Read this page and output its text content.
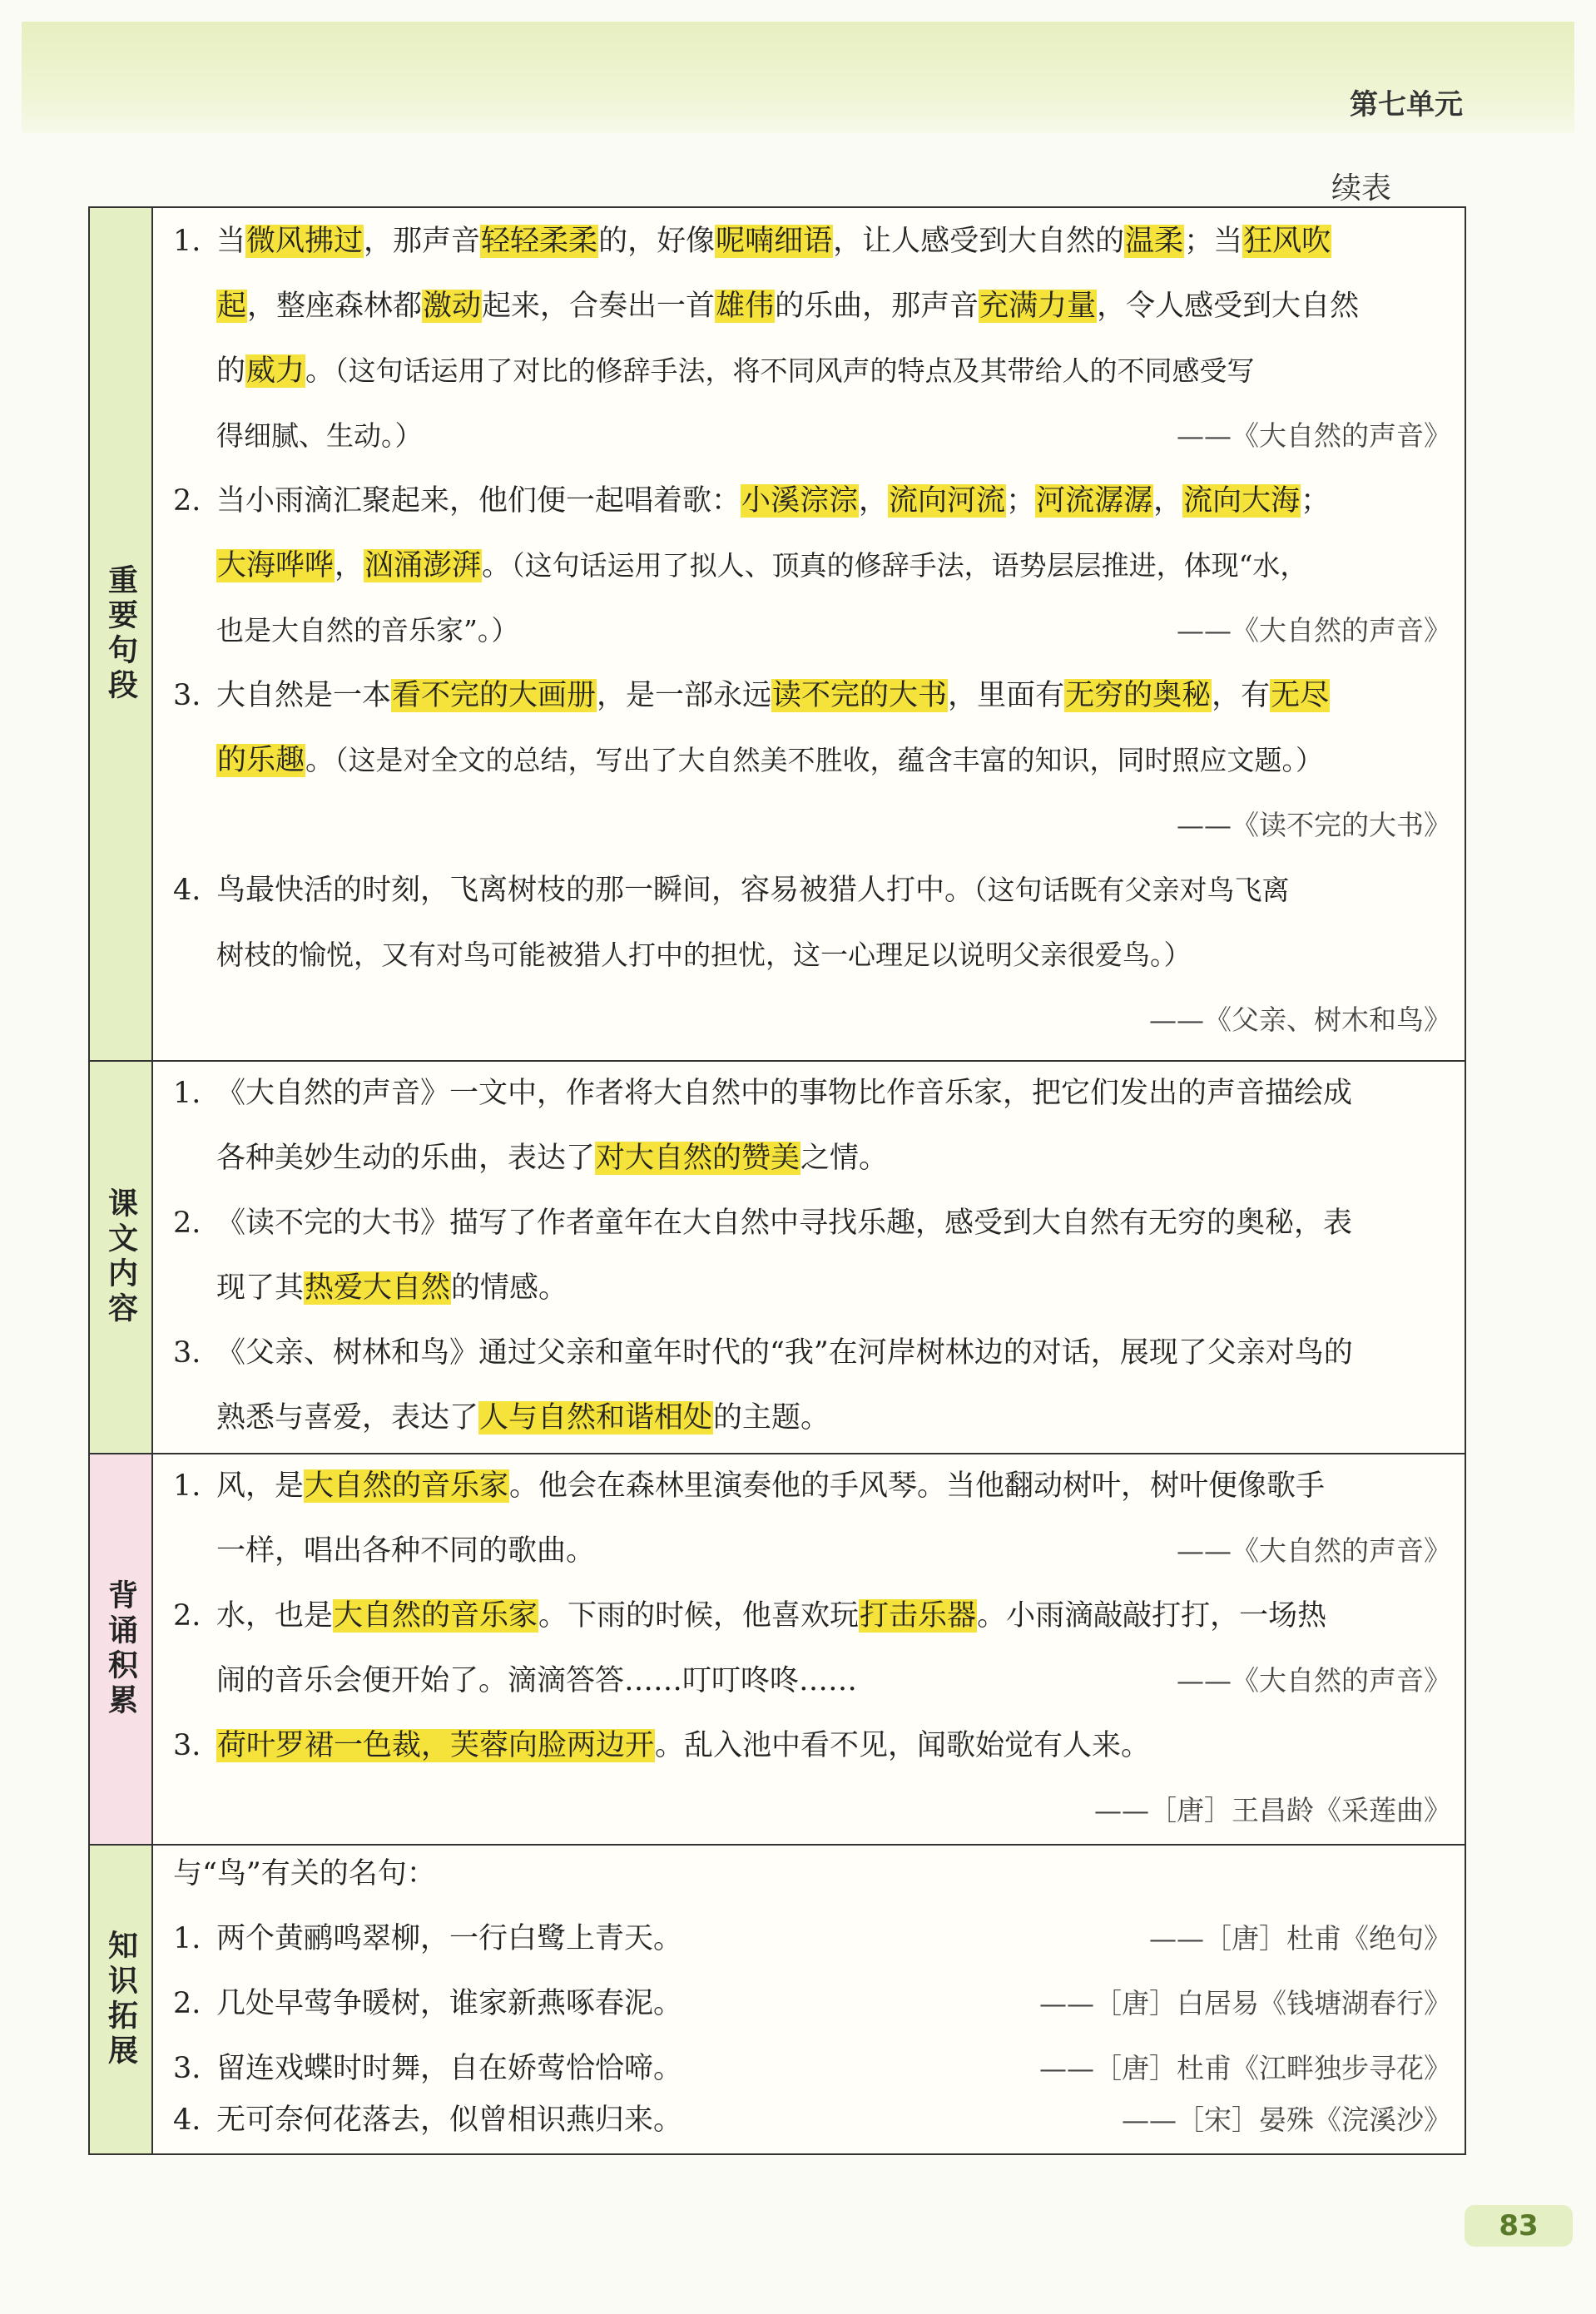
第七单元
续表
重要句段
1. 当微风拂过，那声音轻轻柔柔的，好像呢喃细语，让人感受到大自然的温柔；当狂风吹
起，整座森林都激动起来，合奏出一首雄伟的乐曲，那声音充满力量，令人感受到大自然
的威力。（这句话运用了对比的修辞手法，将不同风声的特点及其带给人的不同感受写
得细腻、生动。）	——《大自然的声音》
2. 当小雨滴汇聚起来，他们便一起唱着歌：小溪淙淙，流向河流；河流潺潺，流向大海；
大海哗哗，汹涌澎湃。（这句话运用了拟人、顶真的修辞手法，语势层层推进，体现“水，
也是大自然的音乐家”。）	——《大自然的声音》
3. 大自然是一本看不完的大画册，是一部永远读不完的大书，里面有无穷的奥秘，有无尽
的乐趣。（这是对全文的总结，写出了大自然美不胜收，蕴含丰富的知识，同时照应文题。）
——《读不完的大书》
4. 鸟最快活的时刻，飞离树枝的那一瞬间，容易被猎人打中。（这句话既有父亲对鸟飞离
树枝的愉悦，又有对鸟可能被猎人打中的担忧，这一心理足以说明父亲很爱鸟。）
——《父亲、树木和鸟》
课文内容
1. 《大自然的声音》一文中，作者将大自然中的事物比作音乐家，把它们发出的声音描绘成
各种美妙生动的乐曲，表达了对大自然的赞美之情。
2. 《读不完的大书》描写了作者童年在大自然中寻找乐趣，感受到大自然有无穷的奥秘，表
现了其热爱大自然的情感。
3. 《父亲、树林和鸟》通过父亲和童年时代的“我”在河岸树林边的对话，展现了父亲对鸟的
熟悉与喜爱，表达了人与自然和谐相处的主题。
背诵积累
1. 风，是大自然的音乐家。他会在森林里演奏他的手风琴。当他翻动树叶，树叶便像歌手
一样，唱出各种不同的歌曲。	——《大自然的声音》
2. 水，也是大自然的音乐家。下雨的时候，他喜欢玩打击乐器。小雨滴敲敲打打，一场热
闹的音乐会便开始了。滴滴答答……叮叮咚咚……	——《大自然的声音》
3. 荷叶罗裙一色裁，芙蓉向脸两边开。乱入池中看不见，闻歌始觉有人来。
——［唐］王昌龄《采莲曲》
知识拓展
与“鸟”有关的名句：
1. 两个黄鹂鸣翠柳，一行白鹭上青天。	——［唐］杜甫《绝句》
2. 几处早莺争暖树，谁家新燕啄春泥。	——［唐］白居易《钱塘湖春行》
3. 留连戏蝶时时舞，自在娇莺恰恰啼。	——［唐］杜甫《江畔独步寻花》
4. 无可奈何花落去，似曾相识燕归来。	——［宋］晏殊《浣溪沙》
83
